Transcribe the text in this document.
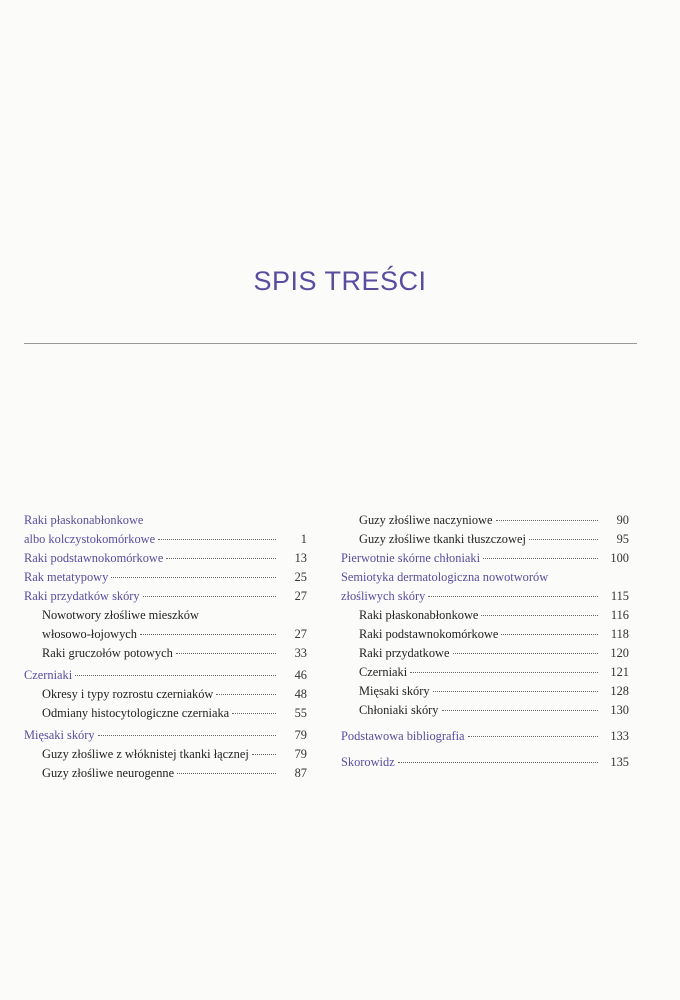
SPIS TREŚCI
Raki płaskonabłonkowe
albo kolczystokomórkowe	1
Raki podstawnokomórkowe	13
Rak metatypowy	25
Raki przydatków skóry	27
Nowotwory złośliwe mieszków
włosowo-łojowych	27
Raki gruczołów potowych	33
Czerniaki	46
Okresy i typy rozrostu czerniaków	48
Odmiany histocytologiczne czerniaka	55
Mięsaki skóry	79
Guzy złośliwe z włóknistej tkanki łącznej	79
Guzy złośliwe neurogenne	87
Guzy złośliwe naczyniowe	90
Guzy złośliwe tkanki tłuszczowej	95
Pierwotnie skórne chłoniaki	100
Semiotyka dermatologiczna nowotworów
złośliwych skóry	115
Raki płaskonabłonkowe	116
Raki podstawnokomórkowe	118
Raki przydatkowe	120
Czerniaki	121
Mięsaki skóry	128
Chłoniaki skóry	130
Podstawowa bibliografia	133
Skorowidz	135
